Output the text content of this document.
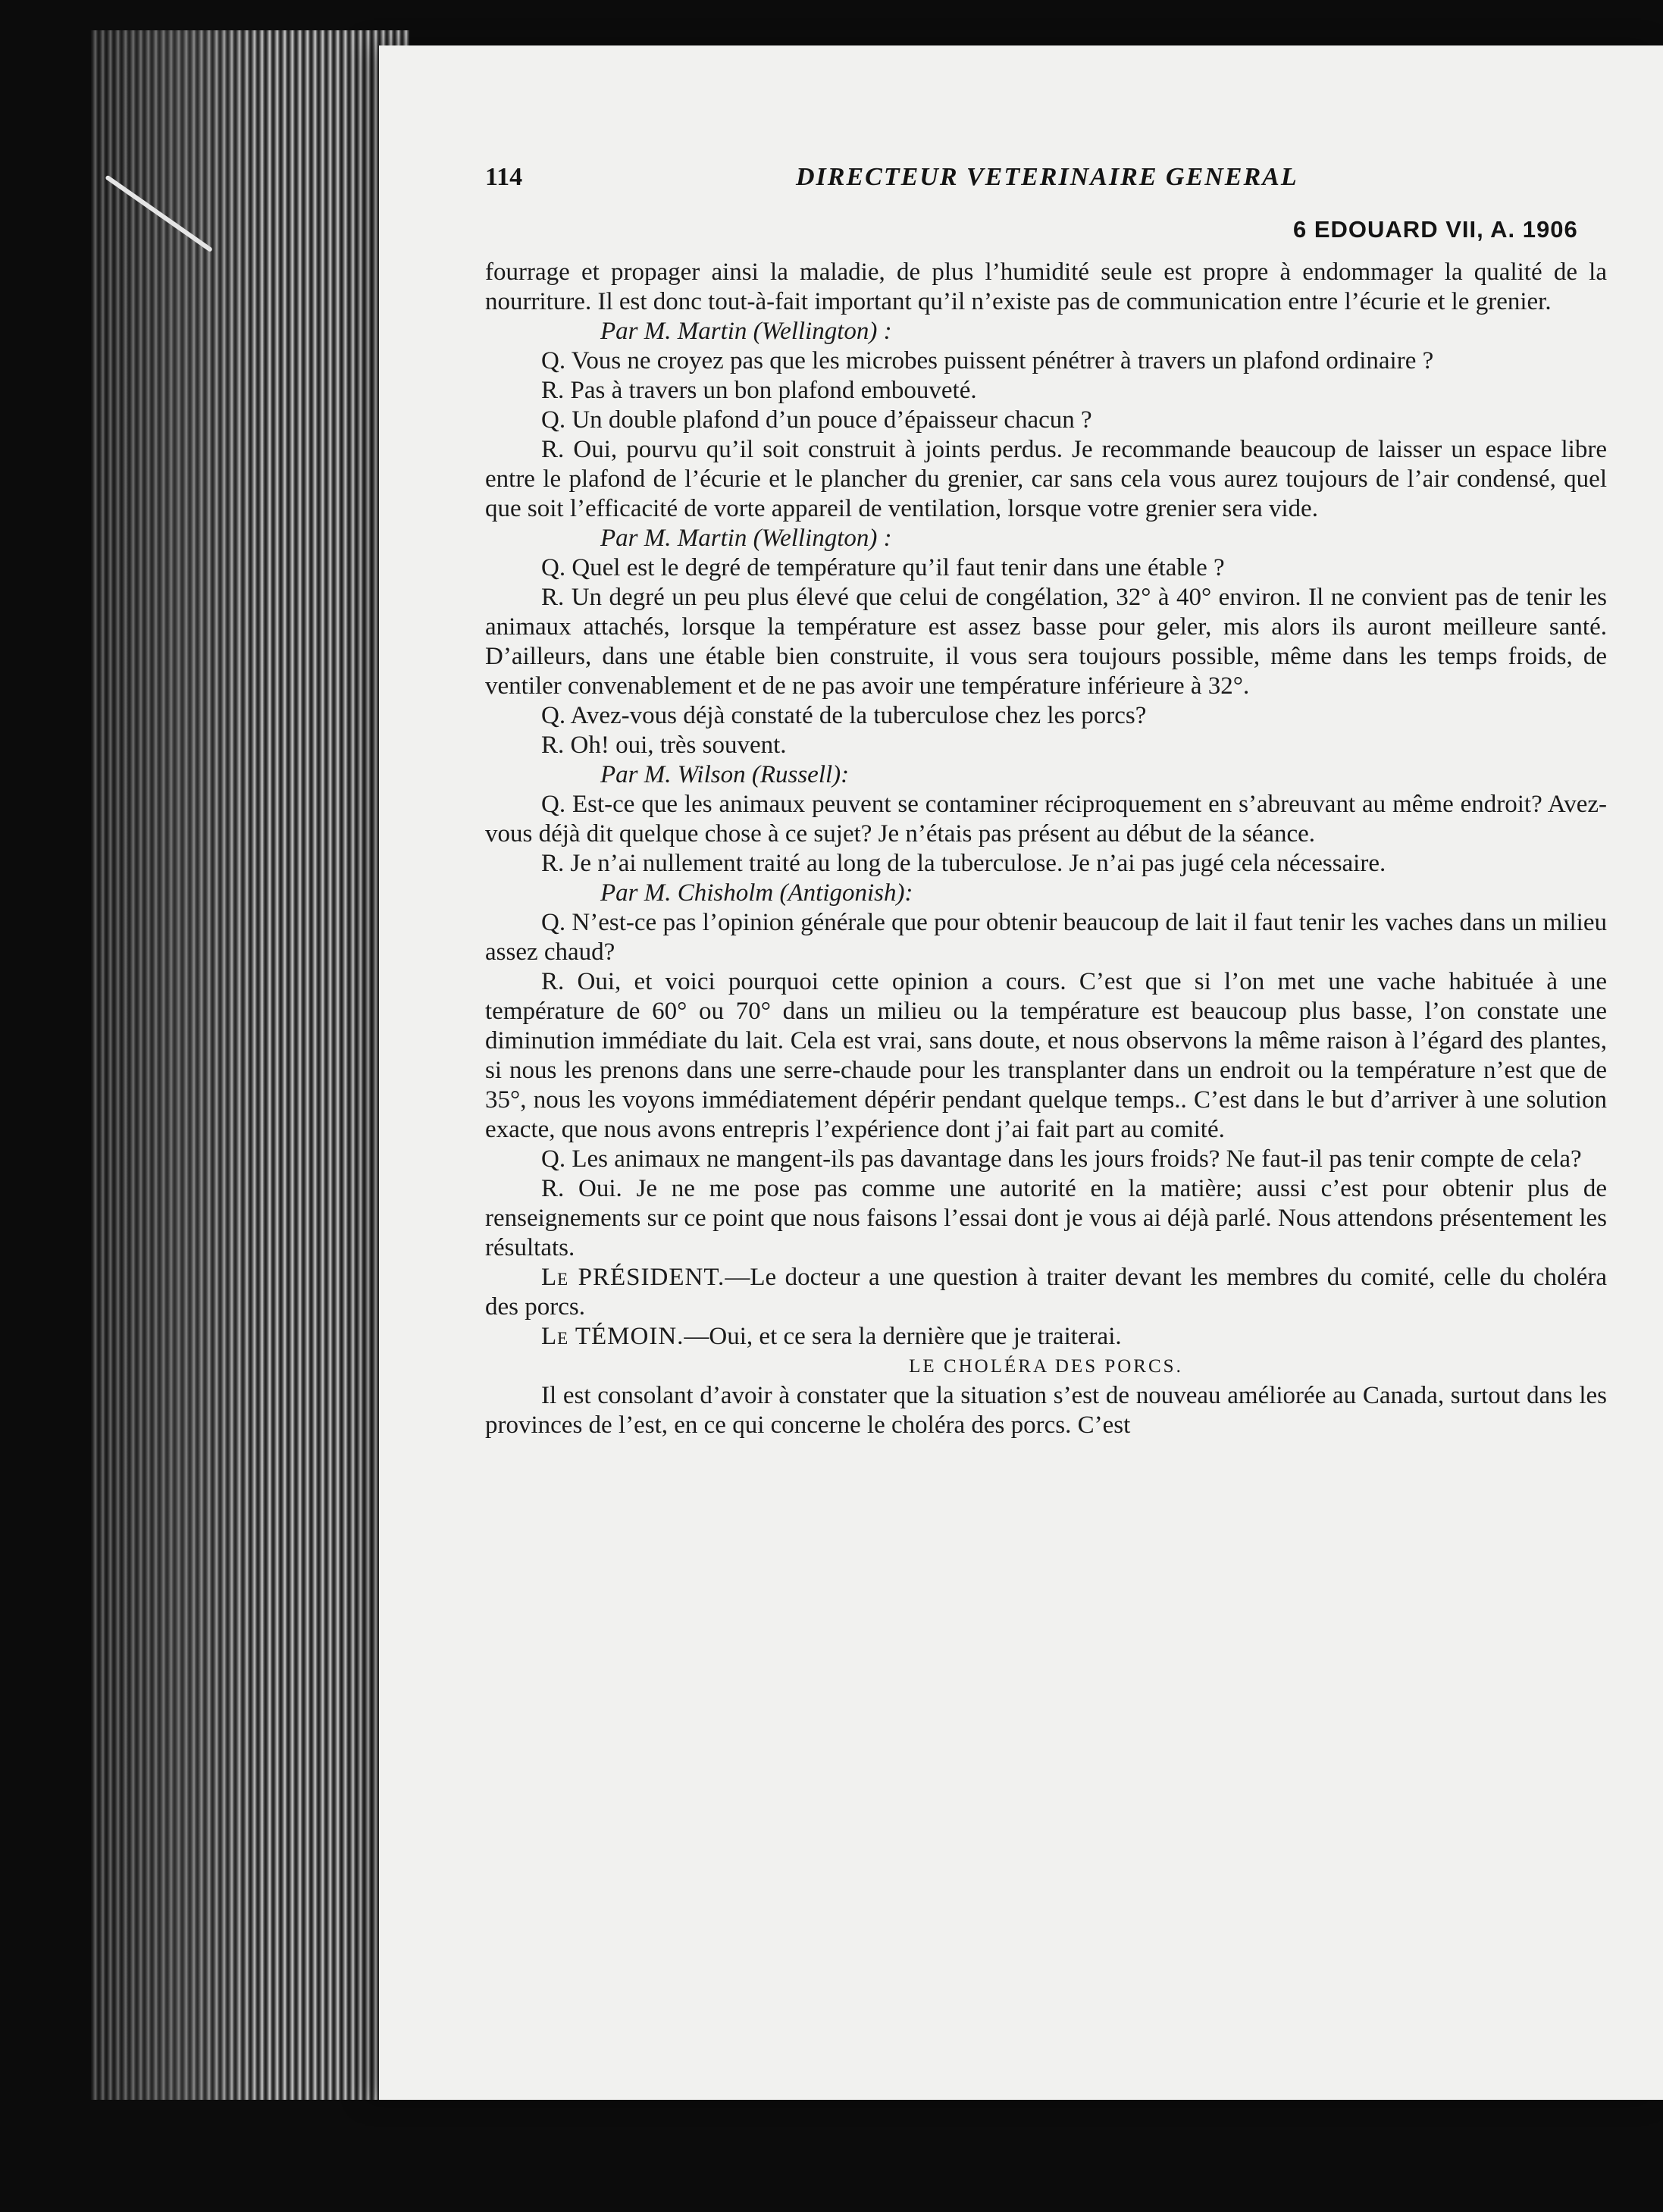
114	DIRECTEUR VETERINAIRE GENERAL
6 EDOUARD VII, A. 1906

fourrage et propager ainsi la maladie, de plus l’humidité seule est propre à endommager la qualité de la nourriture. Il est donc tout-à-fait important qu’il n’existe pas de communication entre l’écurie et le grenier.

Par M. Martin (Wellington) :

Q. Vous ne croyez pas que les microbes puissent pénétrer à travers un plafond ordinaire ?

R. Pas à travers un bon plafond embouveté.

Q. Un double plafond d’un pouce d’épaisseur chacun ?

R. Oui, pourvu qu’il soit construit à joints perdus. Je recommande beaucoup de laisser un espace libre entre le plafond de l’écurie et le plancher du grenier, car sans cela vous aurez toujours de l’air condensé, quel que soit l’efficacité de vorte appareil de ventilation, lorsque votre grenier sera vide.

Par M. Martin (Wellington) :

Q. Quel est le degré de température qu’il faut tenir dans une étable ?

R. Un degré un peu plus élevé que celui de congélation, 32° à 40° environ. Il ne convient pas de tenir les animaux attachés, lorsque la température est assez basse pour geler, mis alors ils auront meilleure santé. D’ailleurs, dans une étable bien construite, il vous sera toujours possible, même dans les temps froids, de ventiler convenablement et de ne pas avoir une température inférieure à 32°.

Q. Avez-vous déjà constaté de la tuberculose chez les porcs?

R. Oh! oui, très souvent.

Par M. Wilson (Russell):

Q. Est-ce que les animaux peuvent se contaminer réciproquement en s’abreuvant au même endroit? Avez-vous déjà dit quelque chose à ce sujet? Je n’étais pas présent au début de la séance.

R. Je n’ai nullement traité au long de la tuberculose. Je n’ai pas jugé cela nécessaire.

Par M. Chisholm (Antigonish):

Q. N’est-ce pas l’opinion générale que pour obtenir beaucoup de lait il faut tenir les vaches dans un milieu assez chaud?

R. Oui, et voici pourquoi cette opinion a cours. C’est que si l’on met une vache habituée à une température de 60° ou 70° dans un milieu ou la température est beaucoup plus basse, l’on constate une diminution immédiate du lait. Cela est vrai, sans doute, et nous observons la même raison à l’égard des plantes, si nous les prenons dans une serre-chaude pour les transplanter dans un endroit ou la température n’est que de 35°, nous les voyons immédiatement dépérir pendant quelque temps.. C’est dans le but d’arriver à une solution exacte, que nous avons entrepris l’expérience dont j’ai fait part au comité.

Q. Les animaux ne mangent-ils pas davantage dans les jours froids? Ne faut-il pas tenir compte de cela?

R. Oui. Je ne me pose pas comme une autorité en la matière; aussi c’est pour obtenir plus de renseignements sur ce point que nous faisons l’essai dont je vous ai déjà parlé. Nous attendons présentement les résultats.

Le PRÉSIDENT.—Le docteur a une question à traiter devant les membres du comité, celle du choléra des porcs.

Le TÉMOIN.—Oui, et ce sera la dernière que je traiterai.

LE CHOLÉRA DES PORCS.

Il est consolant d’avoir à constater que la situation s’est de nouveau améliorée au Canada, surtout dans les provinces de l’est, en ce qui concerne le choléra des porcs. C’est
